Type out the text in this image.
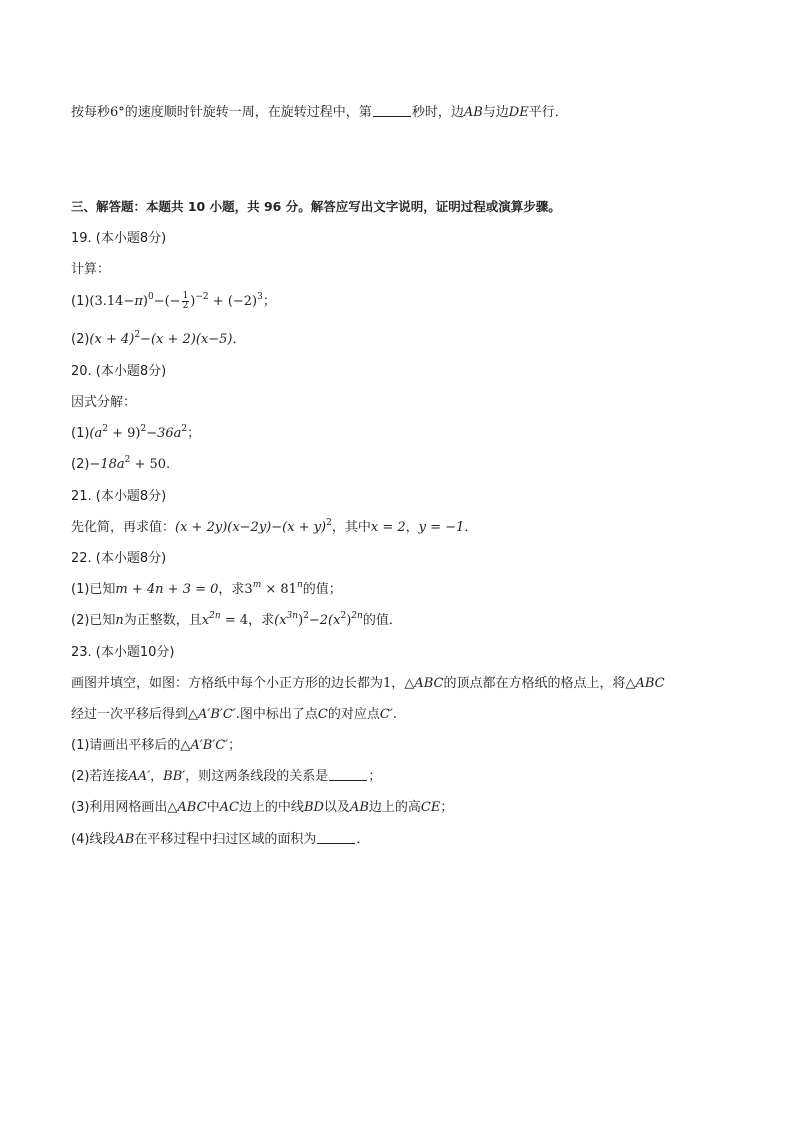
按每秒6°的速度顺时针旋转一周，在旋转过程中，第	秒时，边AB与边DE平行．
三、解答题：本题共 10 小题，共 96 分。解答应写出文字说明，证明过程或演算步骤。
19. (本小题8分)
计算：
$(1)(3.14-\pi)^0-(- \frac{1}{2} )^{-2} + (-2)^3$；
$(2)(x + 4)^2-(x + 2)(x-5)$．
20. (本小题8分)
因式分解：
$(1)(a^2 + 9)^2-36a^2$；
$(2)-18a^2 + 50$.
21. (本小题8分)
先化简，再求值：$(x + 2y)(x-2y)-(x + y)^2$，其中x = 2，y = −1．
22. (本小题8分)
(1)已知m + 4n + 3 = 0，求$3^m \times 81^n$的值；
(2)已知n为正整数，且$x^{2n} = 4$，求$(x^{3n})^2-2(x^2)^{2n}$的值．
23. (本小题10分)
画图并填空，如图：方格纸中每个小正方形的边长都为1，△ABC的顶点都在方格纸的格点上，将△ABC
经过一次平移后得到△A′B′C′.图中标出了点C的对应点C′.
(1)请画出平移后的△A′B′C′；
(2)若连接AA′，BB′，则这两条线段的关系是	；
(3)利用网格画出△ABC中AC边上的中线BD以及AB边上的高CE；
(4)线段AB在平移过程中扫过区域的面积为	．
